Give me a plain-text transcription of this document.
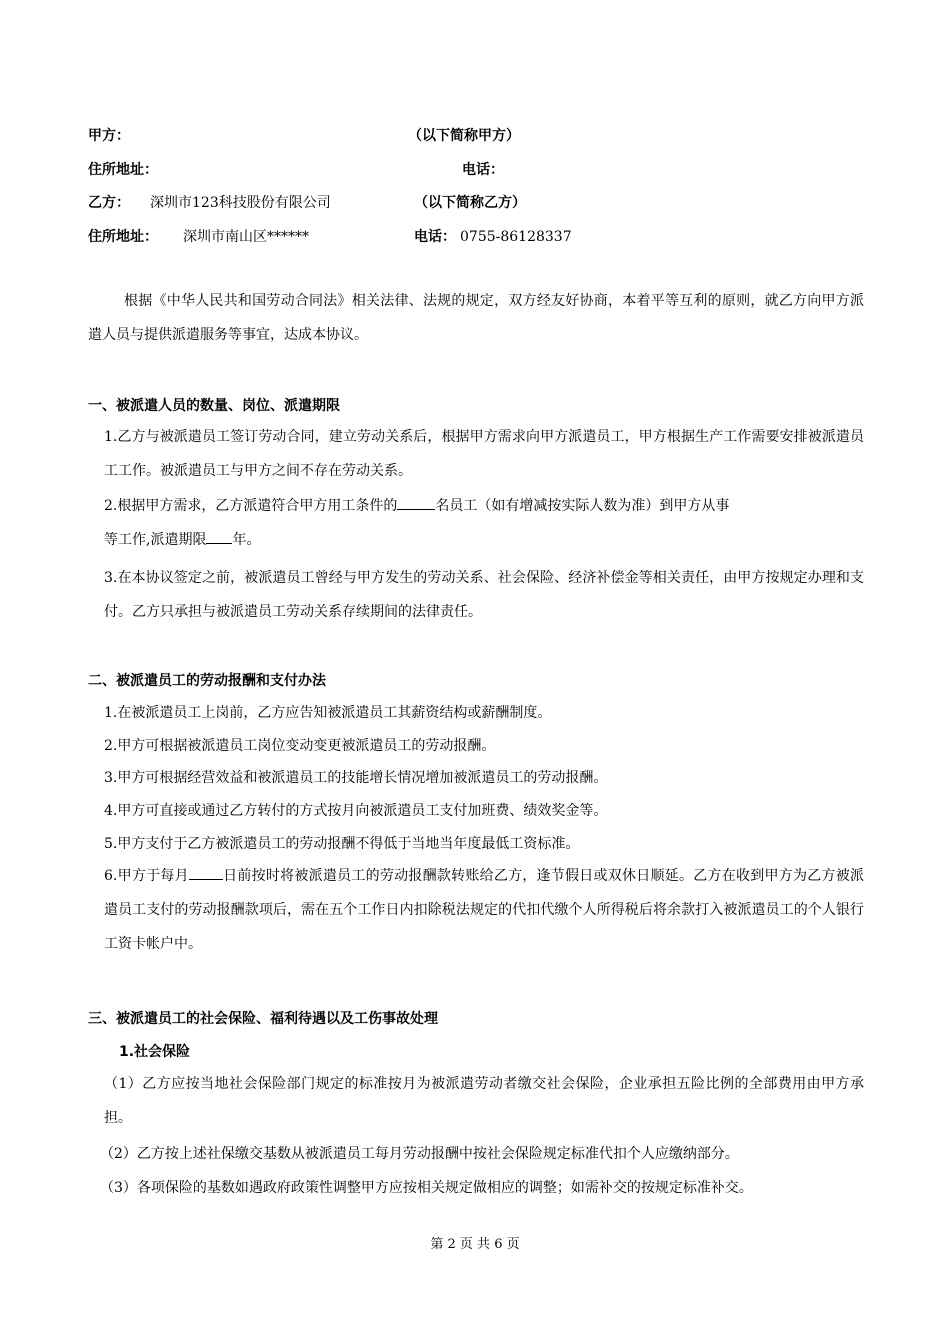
甲方：	（以下简称甲方）
住所地址：	电话：
乙方： 深圳市123科技股份有限公司	（以下简称乙方）
住所地址： 深圳市南山区******	电话： 0755-86128337
根据《中华人民共和国劳动合同法》相关法律、法规的规定，双方经友好协商，本着平等互利的原则，就乙方向甲方派遣人员与提供派遣服务等事宜，达成本协议。
一、被派遣人员的数量、岗位、派遣期限
1.乙方与被派遣员工签订劳动合同，建立劳动关系后，根据甲方需求向甲方派遣员工，甲方根据生产工作需要安排被派遣员工工作。被派遣员工与甲方之间不存在劳动关系。
2.根据甲方需求，乙方派遣符合甲方用工条件的	名员工（如有增减按实际人数为准）到甲方从事
等工作,派遣期限 年。
3.在本协议签定之前，被派遣员工曾经与甲方发生的劳动关系、社会保险、经济补偿金等相关责任，由甲方按规定办理和支付。乙方只承担与被派遣员工劳动关系存续期间的法律责任。
二、被派遣员工的劳动报酬和支付办法
1.在被派遣员工上岗前，乙方应告知被派遣员工其薪资结构或薪酬制度。
2.甲方可根据被派遣员工岗位变动变更被派遣员工的劳动报酬。
3.甲方可根据经营效益和被派遣员工的技能增长情况增加被派遣员工的劳动报酬。
4.甲方可直接或通过乙方转付的方式按月向被派遣员工支付加班费、绩效奖金等。
5.甲方支付于乙方被派遣员工的劳动报酬不得低于当地当年度最低工资标准。
6.甲方于每月 日前按时将被派遣员工的劳动报酬款转账给乙方，逢节假日或双休日顺延。乙方在收到甲方为乙方被派遣员工支付的劳动报酬款项后，需在五个工作日内扣除税法规定的代扣代缴个人所得税后将余款打入被派遣员工的个人银行工资卡帐户中。
三、被派遣员工的社会保险、福利待遇以及工伤事故处理
1.社会保险
（1）乙方应按当地社会保险部门规定的标准按月为被派遣劳动者缴交社会保险，企业承担五险比例的全部费用由甲方承担。
（2）乙方按上述社保缴交基数从被派遣员工每月劳动报酬中按社会保险规定标准代扣个人应缴纳部分。
（3）各项保险的基数如遇政府政策性调整甲方应按相关规定做相应的调整；如需补交的按规定标准补交。
第 2 页 共 6 页
